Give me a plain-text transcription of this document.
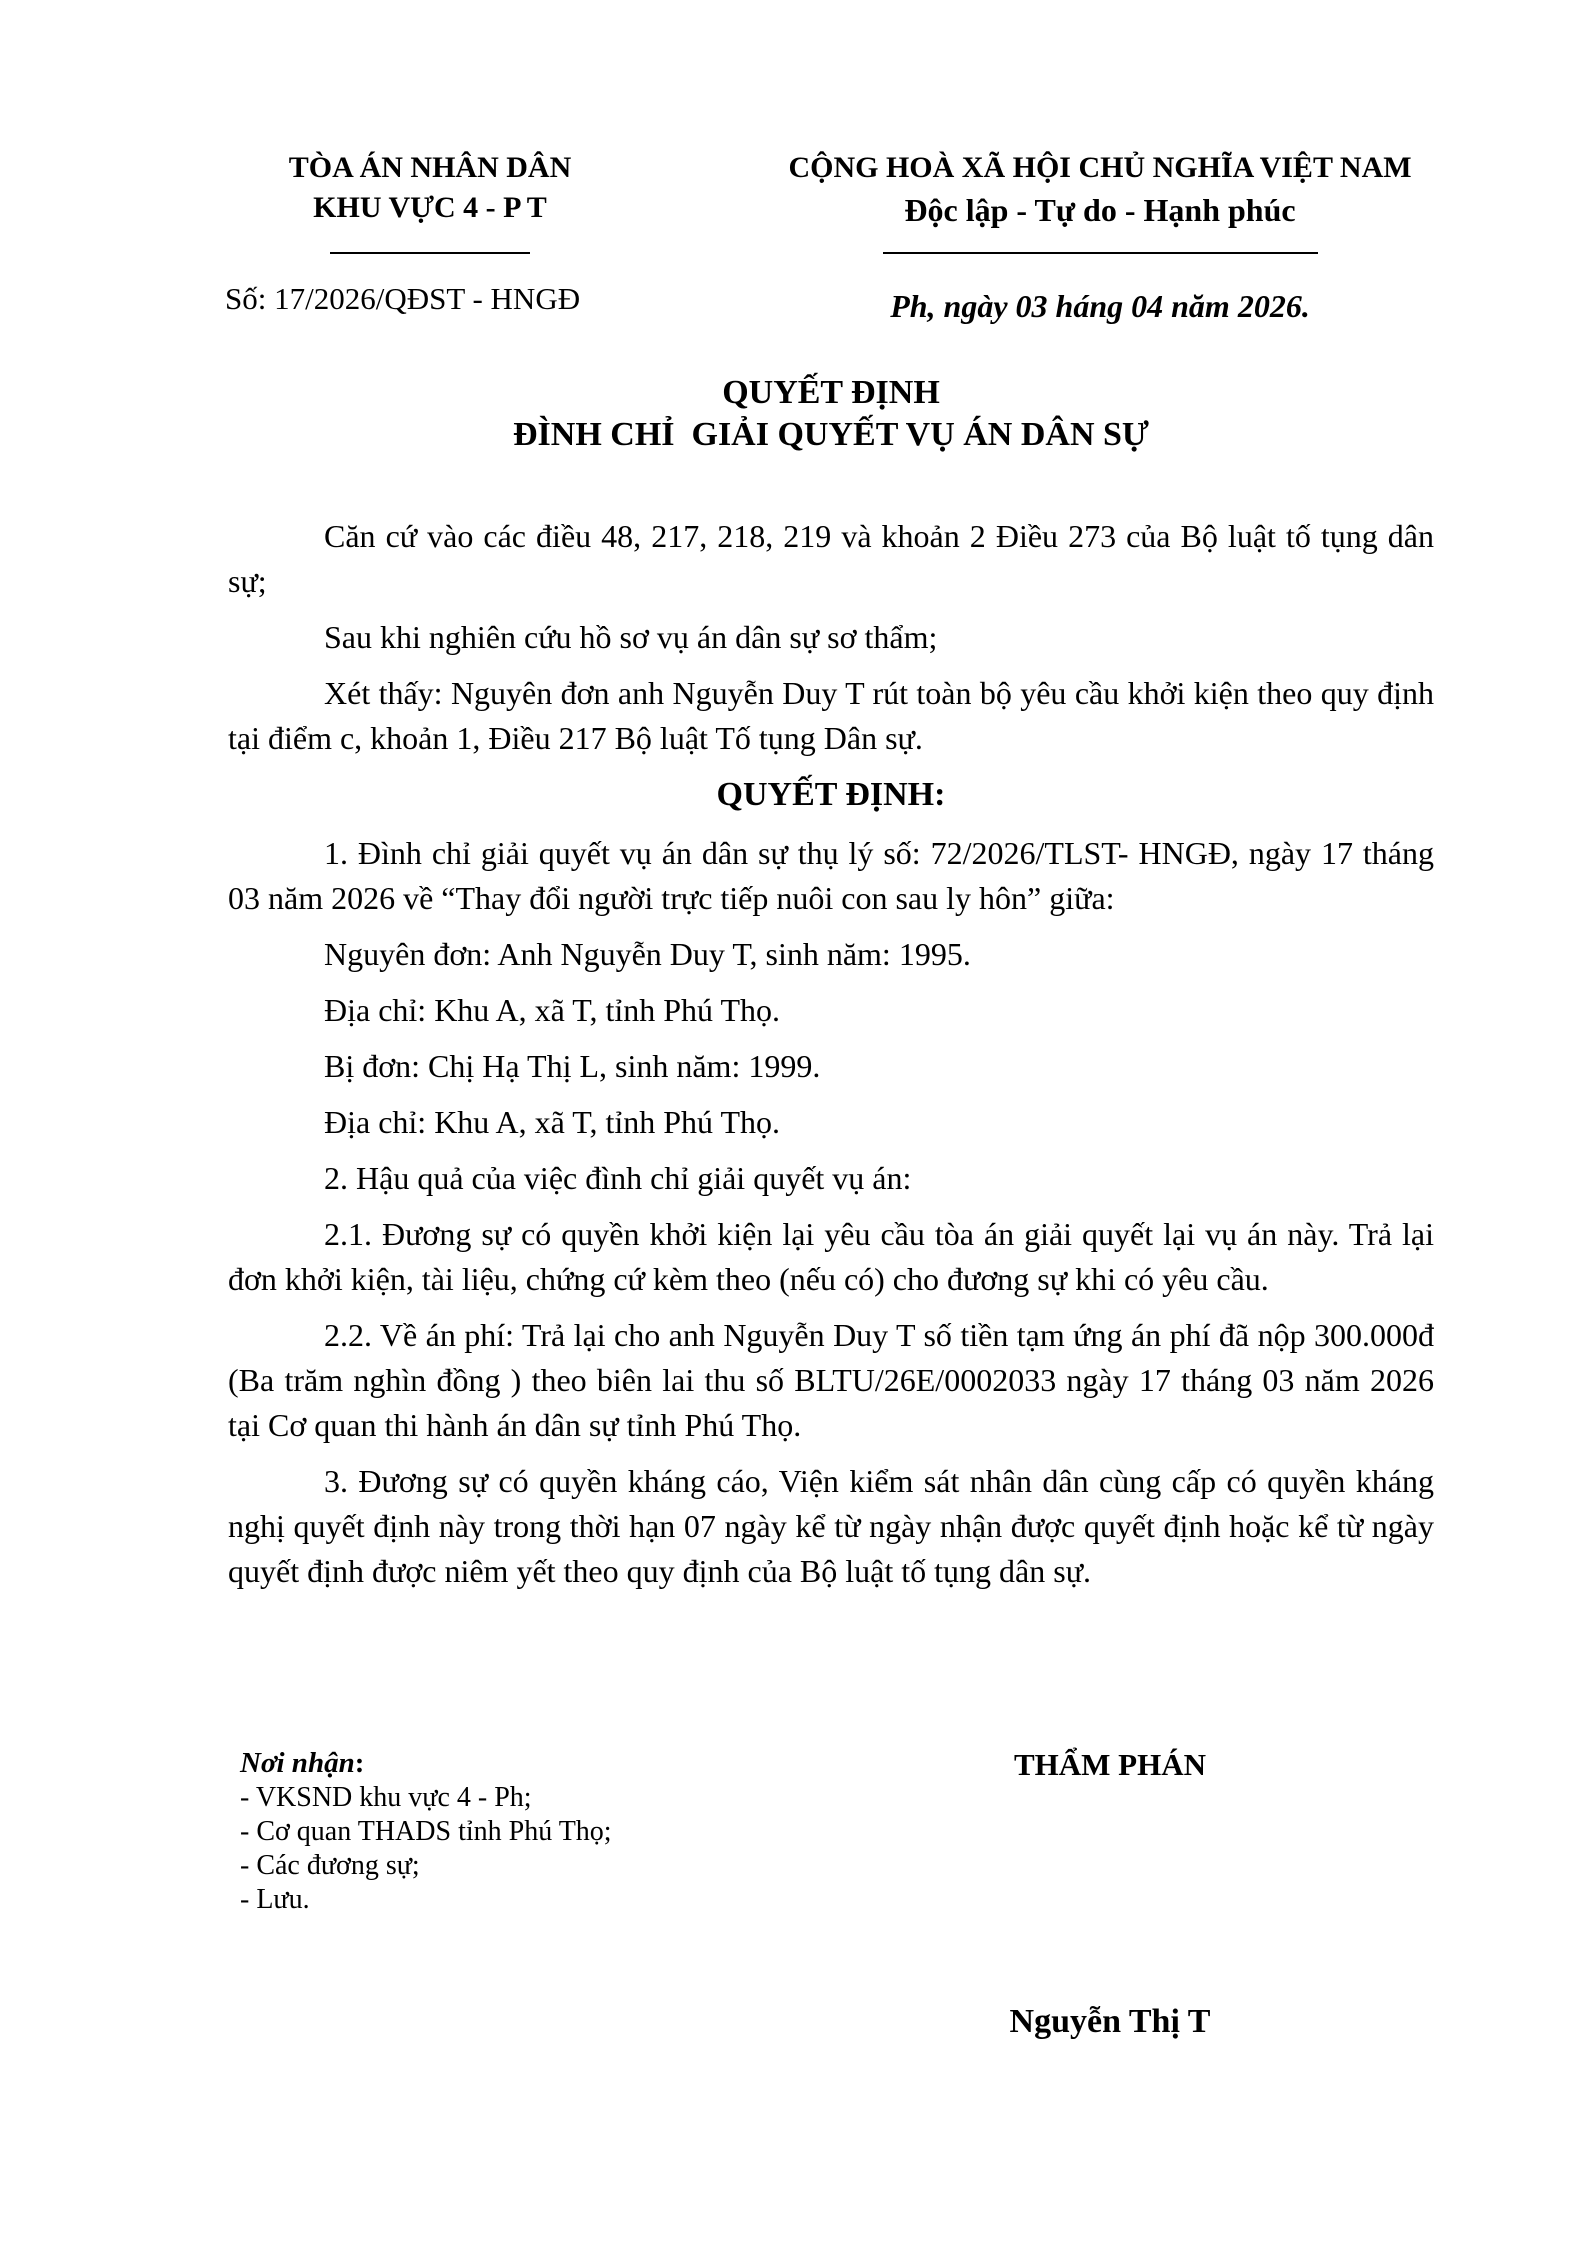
TÒA ÁN NHÂN DÂN
KHU VỰC 4 - P T
Số: 17/2026/QĐST - HNGĐ
CỘNG HOÀ XÃ HỘI CHỦ NGHĨA VIỆT NAM
Độc lập - Tự do - Hạnh phúc
Ph, ngày 03 háng 04 năm 2026.
QUYẾT ĐỊNH
ĐÌNH CHỈ  GIẢI QUYẾT VỤ ÁN DÂN SỰ
Căn cứ vào các điều 48, 217, 218, 219 và khoản 2 Điều 273 của Bộ luật tố tụng dân sự;
Sau khi nghiên cứu hồ sơ vụ án dân sự sơ thẩm;
Xét thấy: Nguyên đơn anh Nguyễn Duy T rút toàn bộ yêu cầu khởi kiện theo quy định tại điểm c, khoản 1, Điều 217 Bộ luật Tố tụng Dân sự.
QUYẾT ĐỊNH:
1. Đình chỉ giải quyết vụ án dân sự thụ lý số: 72/2026/TLST- HNGĐ, ngày 17 tháng 03 năm 2026 về “Thay đổi người trực tiếp nuôi con sau ly hôn” giữa:
Nguyên đơn: Anh Nguyễn Duy T, sinh năm: 1995.
Địa chỉ: Khu A, xã T, tỉnh Phú Thọ.
Bị đơn: Chị Hạ Thị L, sinh năm: 1999.
Địa chỉ: Khu A, xã T, tỉnh Phú Thọ.
2. Hậu quả của việc đình chỉ giải quyết vụ án:
2.1. Đương sự có quyền khởi kiện lại yêu cầu tòa án giải quyết lại vụ án này. Trả lại đơn khởi kiện, tài liệu, chứng cứ kèm theo (nếu có) cho đương sự khi có yêu cầu.
2.2. Về án phí: Trả lại cho anh Nguyễn Duy T số tiền tạm ứng án phí đã nộp 300.000đ (Ba trăm nghìn đồng ) theo biên lai thu số BLTU/26E/0002033 ngày 17 tháng 03 năm 2026 tại Cơ quan thi hành án dân sự tỉnh Phú Thọ.
3. Đương sự có quyền kháng cáo, Viện kiểm sát nhân dân cùng cấp có quyền kháng nghị quyết định này trong thời hạn 07 ngày kể từ ngày nhận được quyết định hoặc kể từ ngày quyết định được niêm yết theo quy định của Bộ luật tố tụng dân sự.
Nơi nhận:
- VKSND khu vực 4 - Ph;
- Cơ quan THADS tỉnh Phú Thọ;
- Các đương sự;
- Lưu.
THẨM PHÁN
Nguyễn Thị T
